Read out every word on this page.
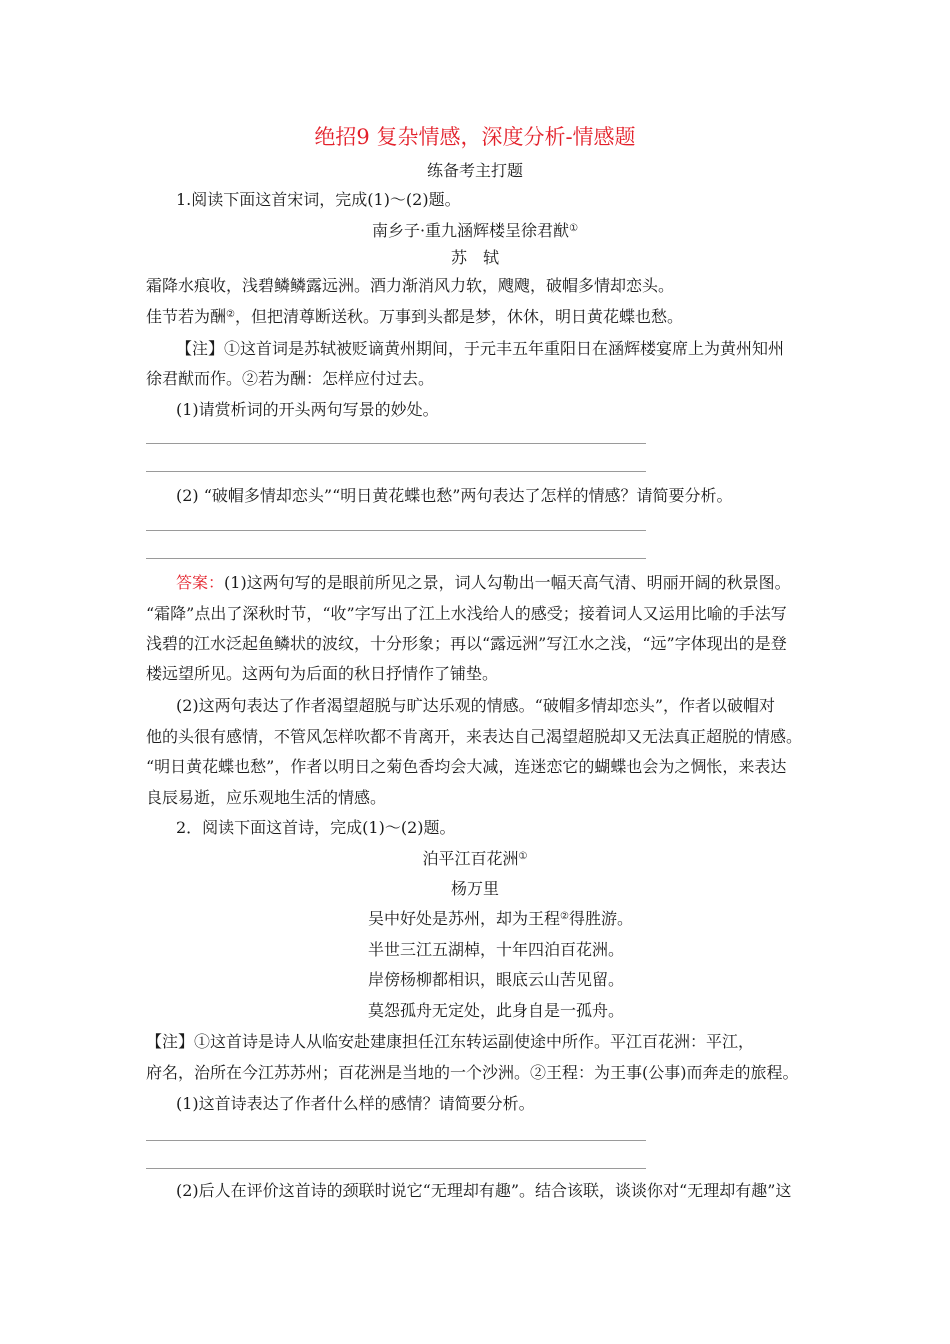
绝招9 复杂情感，深度分析-情感题
练备考主打题
1.阅读下面这首宋词，完成(1)～(2)题。
南乡子·重九涵辉楼呈徐君猷①
苏　轼
霜降水痕收，浅碧鳞鳞露远洲。酒力渐消风力软，飕飕，破帽多情却恋头。
佳节若为酬②，但把清尊断送秋。万事到头都是梦，休休，明日黄花蝶也愁。
【注】①这首词是苏轼被贬谪黄州期间，于元丰五年重阳日在涵辉楼宴席上为黄州知州
徐君猷而作。②若为酬：怎样应付过去。
(1)请赏析词的开头两句写景的妙处。
(2) “破帽多情却恋头”“明日黄花蝶也愁”两句表达了怎样的情感？请简要分析。
答案：(1)这两句写的是眼前所见之景，词人勾勒出一幅天高气清、明丽开阔的秋景图。
“霜降”点出了深秋时节，“收”字写出了江上水浅给人的感受；接着词人又运用比喻的手法写
浅碧的江水泛起鱼鳞状的波纹，十分形象；再以“露远洲”写江水之浅，“远”字体现出的是登
楼远望所见。这两句为后面的秋日抒情作了铺垫。
(2)这两句表达了作者渴望超脱与旷达乐观的情感。“破帽多情却恋头”，作者以破帽对
他的头很有感情，不管风怎样吹都不肯离开，来表达自己渴望超脱却又无法真正超脱的情感。
“明日黄花蝶也愁”，作者以明日之菊色香均会大减，连迷恋它的蝴蝶也会为之惆怅，来表达
良辰易逝，应乐观地生活的情感。
2．阅读下面这首诗，完成(1)～(2)题。
泊平江百花洲①
杨万里
吴中好处是苏州，却为王程②得胜游。
半世三江五湖棹，十年四泊百花洲。
岸傍杨柳都相识，眼底云山苦见留。
莫怨孤舟无定处，此身自是一孤舟。
【注】①这首诗是诗人从临安赴建康担任江东转运副使途中所作。平江百花洲：平江，
府名，治所在今江苏苏州；百花洲是当地的一个沙洲。②王程：为王事(公事)而奔走的旅程。
(1)这首诗表达了作者什么样的感情？请简要分析。
(2)后人在评价这首诗的颈联时说它“无理却有趣”。结合该联，谈谈你对“无理却有趣”这
